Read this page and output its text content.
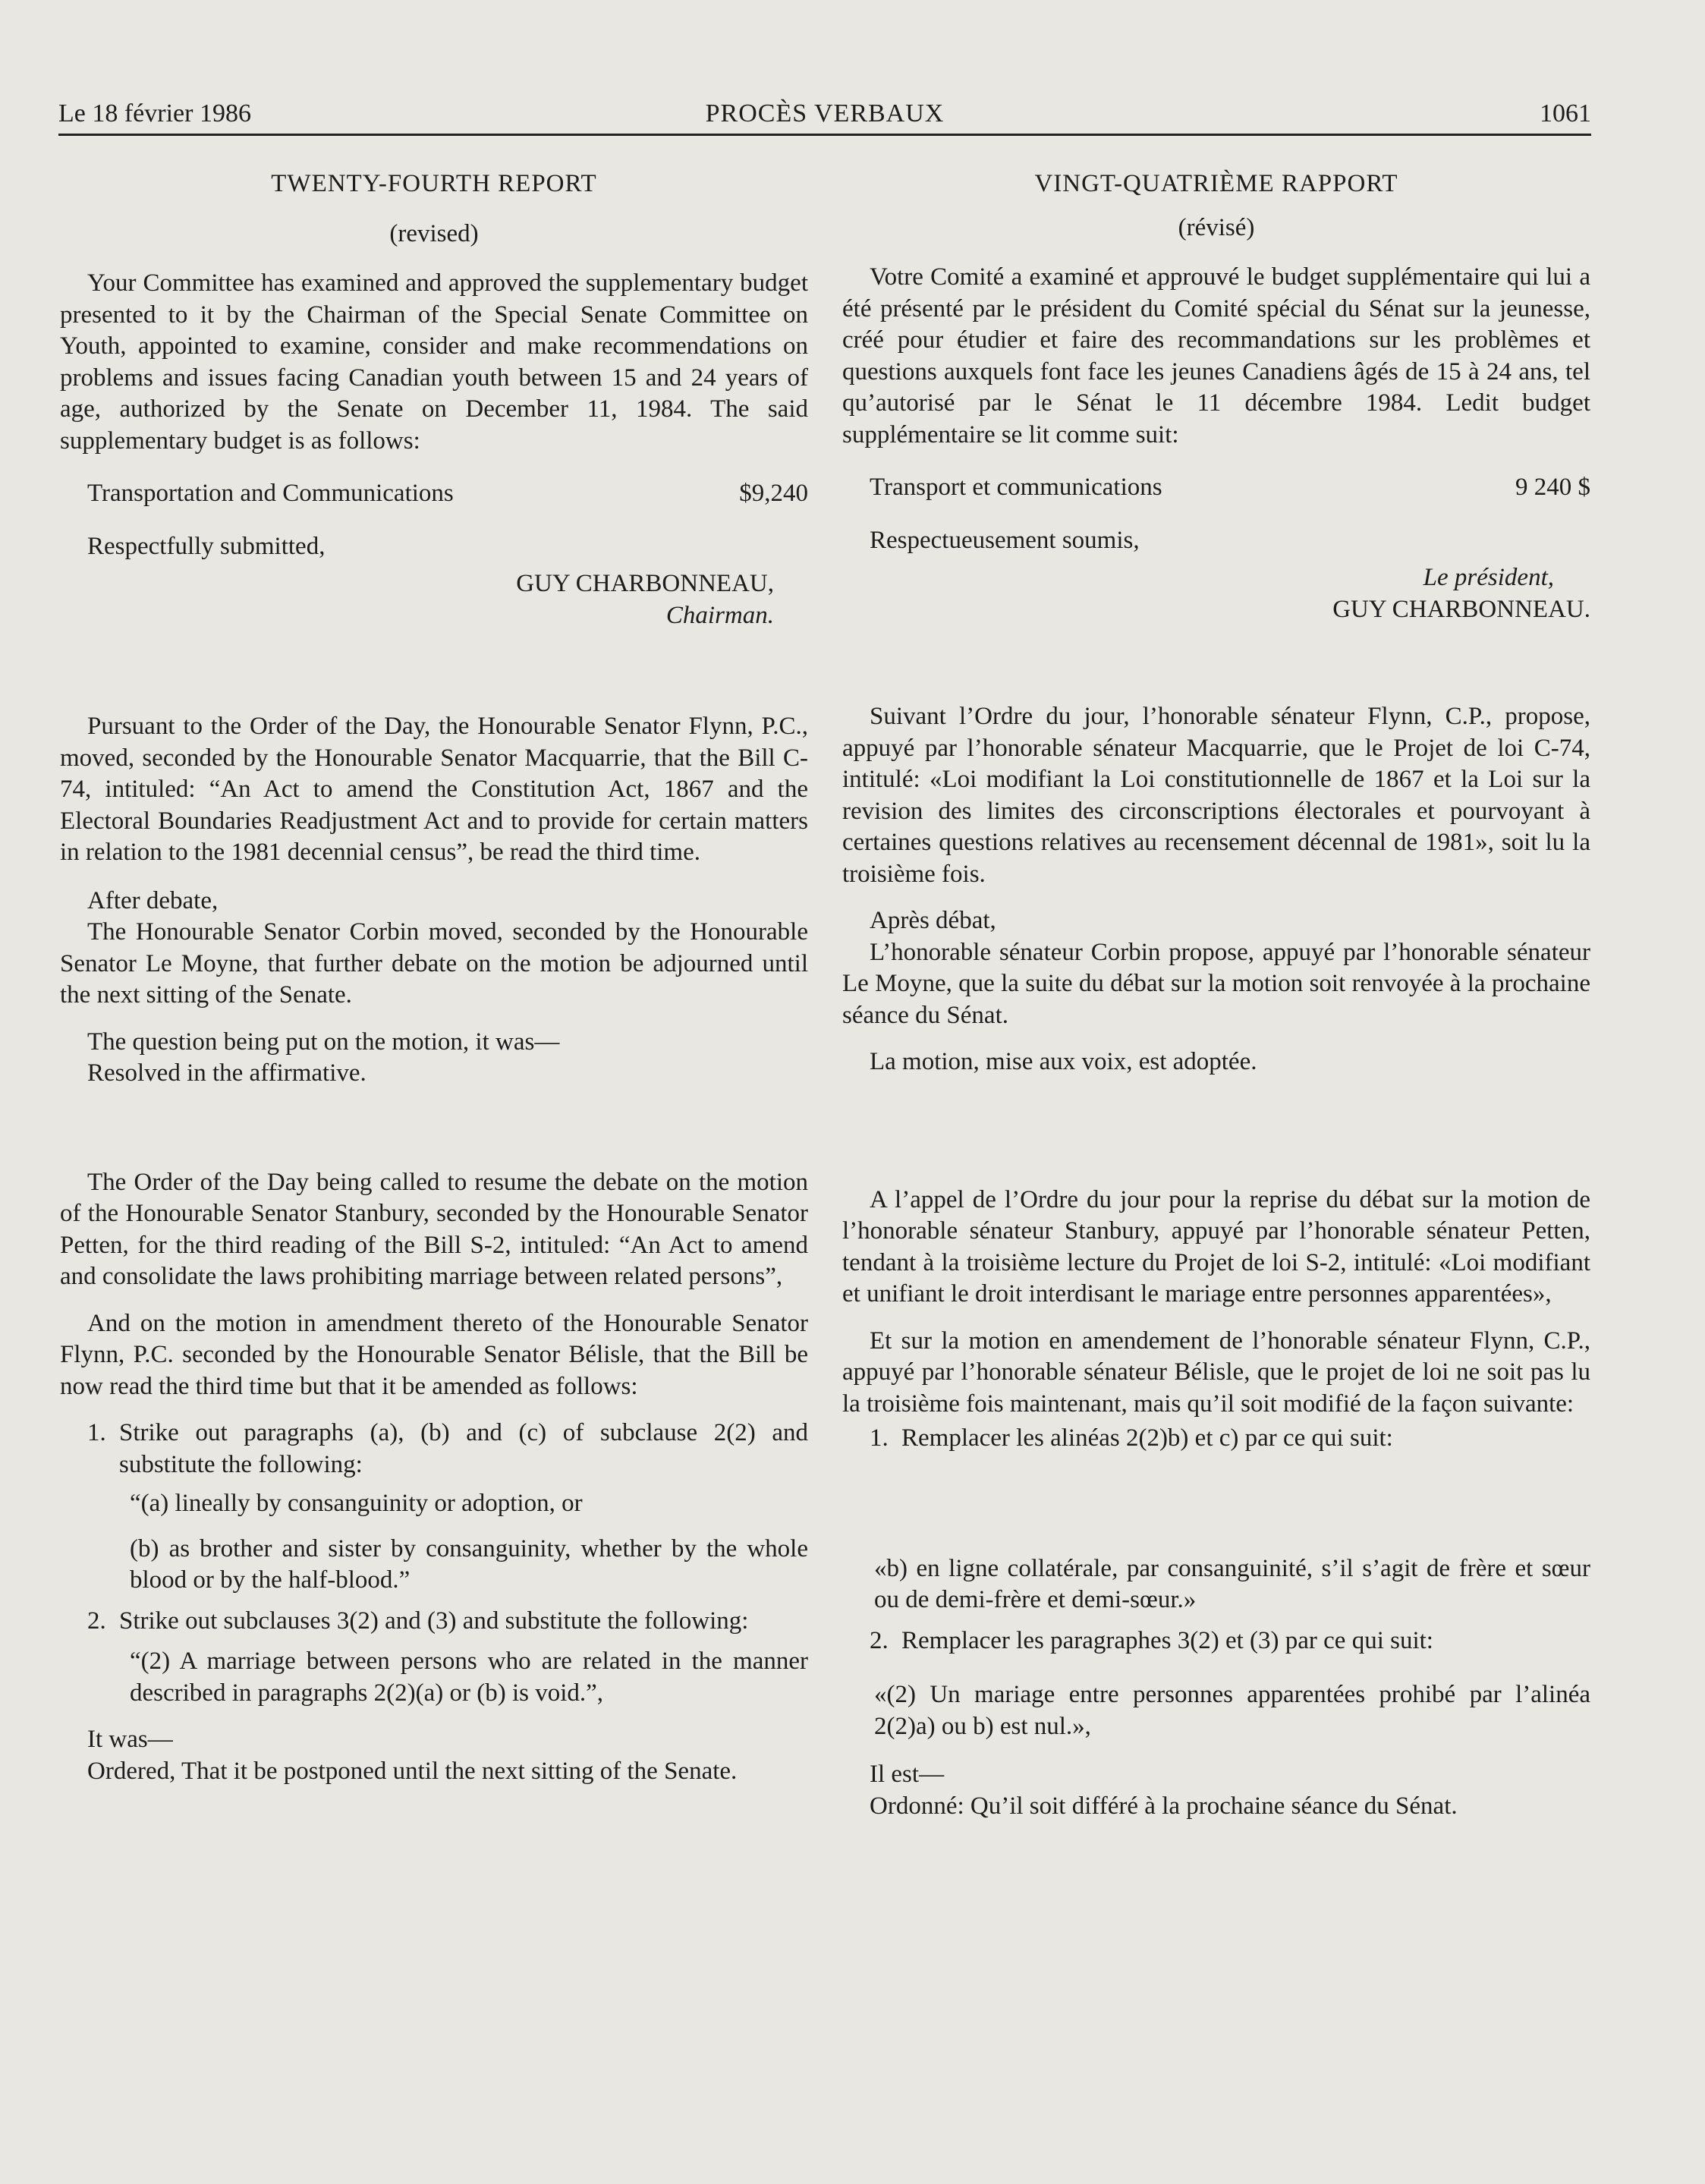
Le 18 février 1986	PROCÈS VERBAUX	1061

TWENTY-FOURTH REPORT

(revised)

Your Committee has examined and approved the supplementary budget presented to it by the Chairman of the Special Senate Committee on Youth, appointed to examine, consider and make recommendations on problems and issues facing Canadian youth between 15 and 24 years of age, authorized by the Senate on December 11, 1984. The said supplementary budget is as follows:

Transportation and Communications	$9,240

Respectfully submitted,

GUY CHARBONNEAU,

Chairman.

Pursuant to the Order of the Day, the Honourable Senator Flynn, P.C., moved, seconded by the Honourable Senator Macquarrie, that the Bill C-74, intituled: “An Act to amend the Constitution Act, 1867 and the Electoral Boundaries Readjustment Act and to provide for certain matters in relation to the 1981 decennial census”, be read the third time.

After debate,

The Honourable Senator Corbin moved, seconded by the Honourable Senator Le Moyne, that further debate on the motion be adjourned until the next sitting of the Senate.

The question being put on the motion, it was—

Resolved in the affirmative.

The Order of the Day being called to resume the debate on the motion of the Honourable Senator Stanbury, seconded by the Honourable Senator Petten, for the third reading of the Bill S-2, intituled: “An Act to amend and consolidate the laws prohibiting marriage between related persons”,

And on the motion in amendment thereto of the Honourable Senator Flynn, P.C. seconded by the Honourable Senator Bélisle, that the Bill be now read the third time but that it be amended as follows:

1. Strike out paragraphs (a), (b) and (c) of subclause 2(2) and substitute the following:

“(a) lineally by consanguinity or adoption, or

(b) as brother and sister by consanguinity, whether by the whole blood or by the half-blood.”

2. Strike out subclauses 3(2) and (3) and substitute the following:

“(2) A marriage between persons who are related in the manner described in paragraphs 2(2)(a) or (b) is void.”,

It was—

Ordered, That it be postponed until the next sitting of the Senate.

VINGT-QUATRIÈME RAPPORT

(révisé)

Votre Comité a examiné et approuvé le budget supplémentaire qui lui a été présenté par le président du Comité spécial du Sénat sur la jeunesse, créé pour étudier et faire des recommandations sur les problèmes et questions auxquels font face les jeunes Canadiens âgés de 15 à 24 ans, tel qu’autorisé par le Sénat le 11 décembre 1984. Ledit budget supplémentaire se lit comme suit:

Transport et communications	9 240 $

Respectueusement soumis,

Le président,

GUY CHARBONNEAU.

Suivant l’Ordre du jour, l’honorable sénateur Flynn, C.P., propose, appuyé par l’honorable sénateur Macquarrie, que le Projet de loi C-74, intitulé: «Loi modifiant la Loi constitutionnelle de 1867 et la Loi sur la revision des limites des circonscriptions électorales et pourvoyant à certaines questions relatives au recensement décennal de 1981», soit lu la troisième fois.

Après débat,

L’honorable sénateur Corbin propose, appuyé par l’honorable sénateur Le Moyne, que la suite du débat sur la motion soit renvoyée à la prochaine séance du Sénat.

La motion, mise aux voix, est adoptée.

A l’appel de l’Ordre du jour pour la reprise du débat sur la motion de l’honorable sénateur Stanbury, appuyé par l’honorable sénateur Petten, tendant à la troisième lecture du Projet de loi S-2, intitulé: «Loi modifiant et unifiant le droit interdisant le mariage entre personnes apparentées»,

Et sur la motion en amendement de l’honorable sénateur Flynn, C.P., appuyé par l’honorable sénateur Bélisle, que le projet de loi ne soit pas lu la troisième fois maintenant, mais qu’il soit modifié de la façon suivante:

1. Remplacer les alinéas 2(2)b) et c) par ce qui suit:

«b) en ligne collatérale, par consanguinité, s’il s’agit de frère et sœur ou de demi-frère et demi-sœur.»

2. Remplacer les paragraphes 3(2) et (3) par ce qui suit:

«(2) Un mariage entre personnes apparentées prohibé par l’alinéa 2(2)a) ou b) est nul.»,

Il est—

Ordonné: Qu’il soit différé à la prochaine séance du Sénat.
